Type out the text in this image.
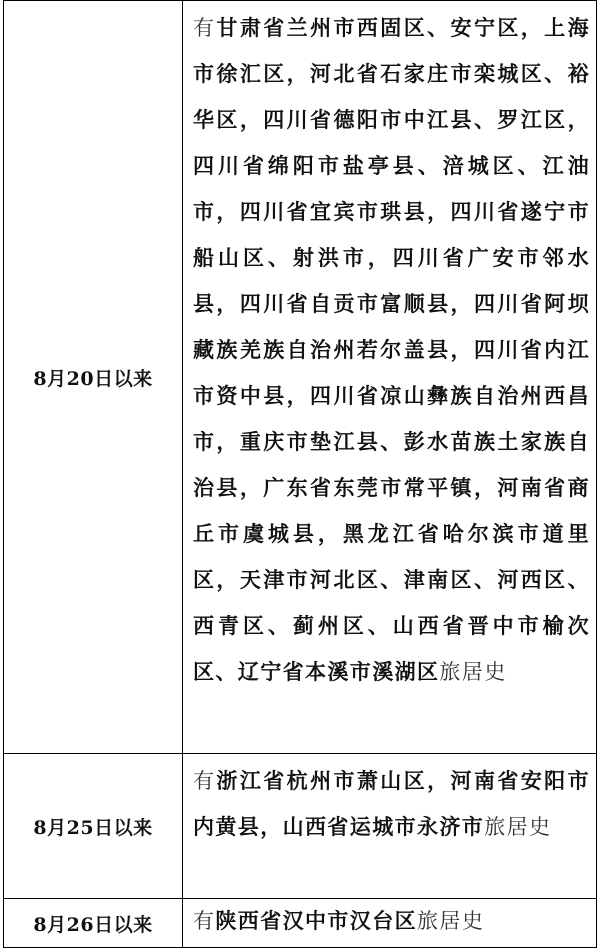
8月20日以来	有甘肃省兰州市西固区、安宁区，上海市徐汇区，河北省石家庄市栾城区、裕华区，四川省德阳市中江县、罗江区，四川省绵阳市盐亭县、涪城区、江油市，四川省宜宾市珙县，四川省遂宁市船山区、射洪市，四川省广安市邻水县，四川省自贡市富顺县，四川省阿坝藏族羌族自治州若尔盖县，四川省内江市资中县，四川省凉山彝族自治州西昌市，重庆市垫江县、彭水苗族土家族自治县，广东省东莞市常平镇，河南省商丘市虞城县，黑龙江省哈尔滨市道里区，天津市河北区、津南区、河西区、西青区、蓟州区、山西省晋中市榆次区、辽宁省本溪市溪湖区旅居史
8月25日以来	有浙江省杭州市萧山区，河南省安阳市内黄县，山西省运城市永济市旅居史
8月26日以来	有陕西省汉中市汉台区旅居史
